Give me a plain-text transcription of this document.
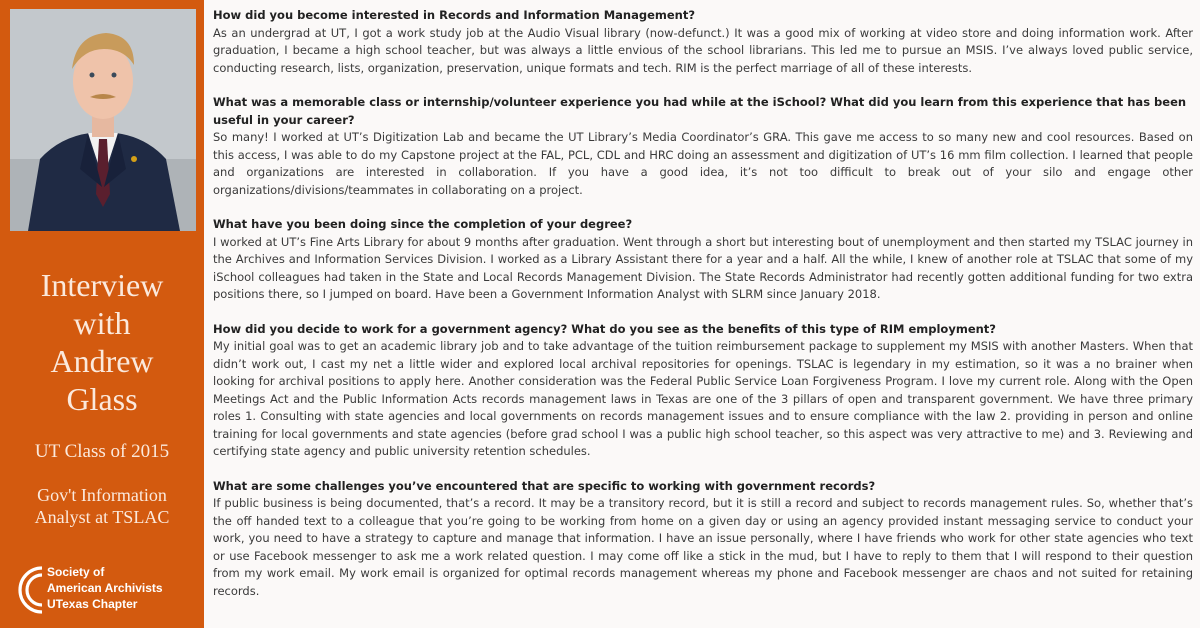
Interview
with
Andrew
Glass
UT Class of 2015
Gov't Information
Analyst at TSLAC
Society of
American Archivists
UTexas Chapter
How did you become interested in Records and Information Management?
As an undergrad at UT, I got a work study job at the Audio Visual library (now-defunct.) It was a good mix of working at video store and doing information work. After graduation, I became a high school teacher, but was always a little envious of the school librarians. This led me to pursue an MSIS. I’ve always loved public service, conducting research, lists, organization, preservation, unique formats and tech. RIM is the perfect marriage of all of these interests.
What was a memorable class or internship/volunteer experience you had while at the iSchool? What did you learn from this experience that has been useful in your career?
So many! I worked at UT’s Digitization Lab and became the UT Library’s Media Coordinator’s GRA. This gave me access to so many new and cool resources. Based on this access, I was able to do my Capstone project at the FAL, PCL, CDL and HRC doing an assessment and digitization of UT’s 16 mm film collection. I learned that people and organizations are interested in collaboration. If you have a good idea, it’s not too difficult to break out of your silo and engage other organizations/divisions/teammates in collaborating on a project.
What have you been doing since the completion of your degree?
I worked at UT’s Fine Arts Library for about 9 months after graduation. Went through a short but interesting bout of unemployment and then started my TSLAC journey in the Archives and Information Services Division. I worked as a Library Assistant there for a year and a half. All the while, I knew of another role at TSLAC that some of my iSchool colleagues had taken in the State and Local Records Management Division. The State Records Administrator had recently gotten additional funding for two extra positions there, so I jumped on board. Have been a Government Information Analyst with SLRM since January 2018.
How did you decide to work for a government agency? What do you see as the benefits of this type of RIM employment?
My initial goal was to get an academic library job and to take advantage of the tuition reimbursement package to supplement my MSIS with another Masters. When that didn’t work out, I cast my net a little wider and explored local archival repositories for openings. TSLAC is legendary in my estimation, so it was a no brainer when looking for archival positions to apply here. Another consideration was the Federal Public Service Loan Forgiveness Program. I love my current role. Along with the Open Meetings Act and the Public Information Acts records management laws in Texas are one of the 3 pillars of open and transparent government. We have three primary roles 1. Consulting with state agencies and local governments on records management issues and to ensure compliance with the law 2. providing in person and online training for local governments and state agencies (before grad school I was a public high school teacher, so this aspect was very attractive to me) and 3. Reviewing and certifying state agency and public university retention schedules.
What are some challenges you’ve encountered that are specific to working with government records?
If public business is being documented, that’s a record. It may be a transitory record, but it is still a record and subject to records management rules. So, whether that’s the off handed text to a colleague that you’re going to be working from home on a given day or using an agency provided instant messaging service to conduct your work, you need to have a strategy to capture and manage that information. I have an issue personally, where I have friends who work for other state agencies who text or use Facebook messenger to ask me a work related question. I may come off like a stick in the mud, but I have to reply to them that I will respond to their question from my work email. My work email is organized for optimal records management whereas my phone and Facebook messenger are chaos and not suited for retaining records.
